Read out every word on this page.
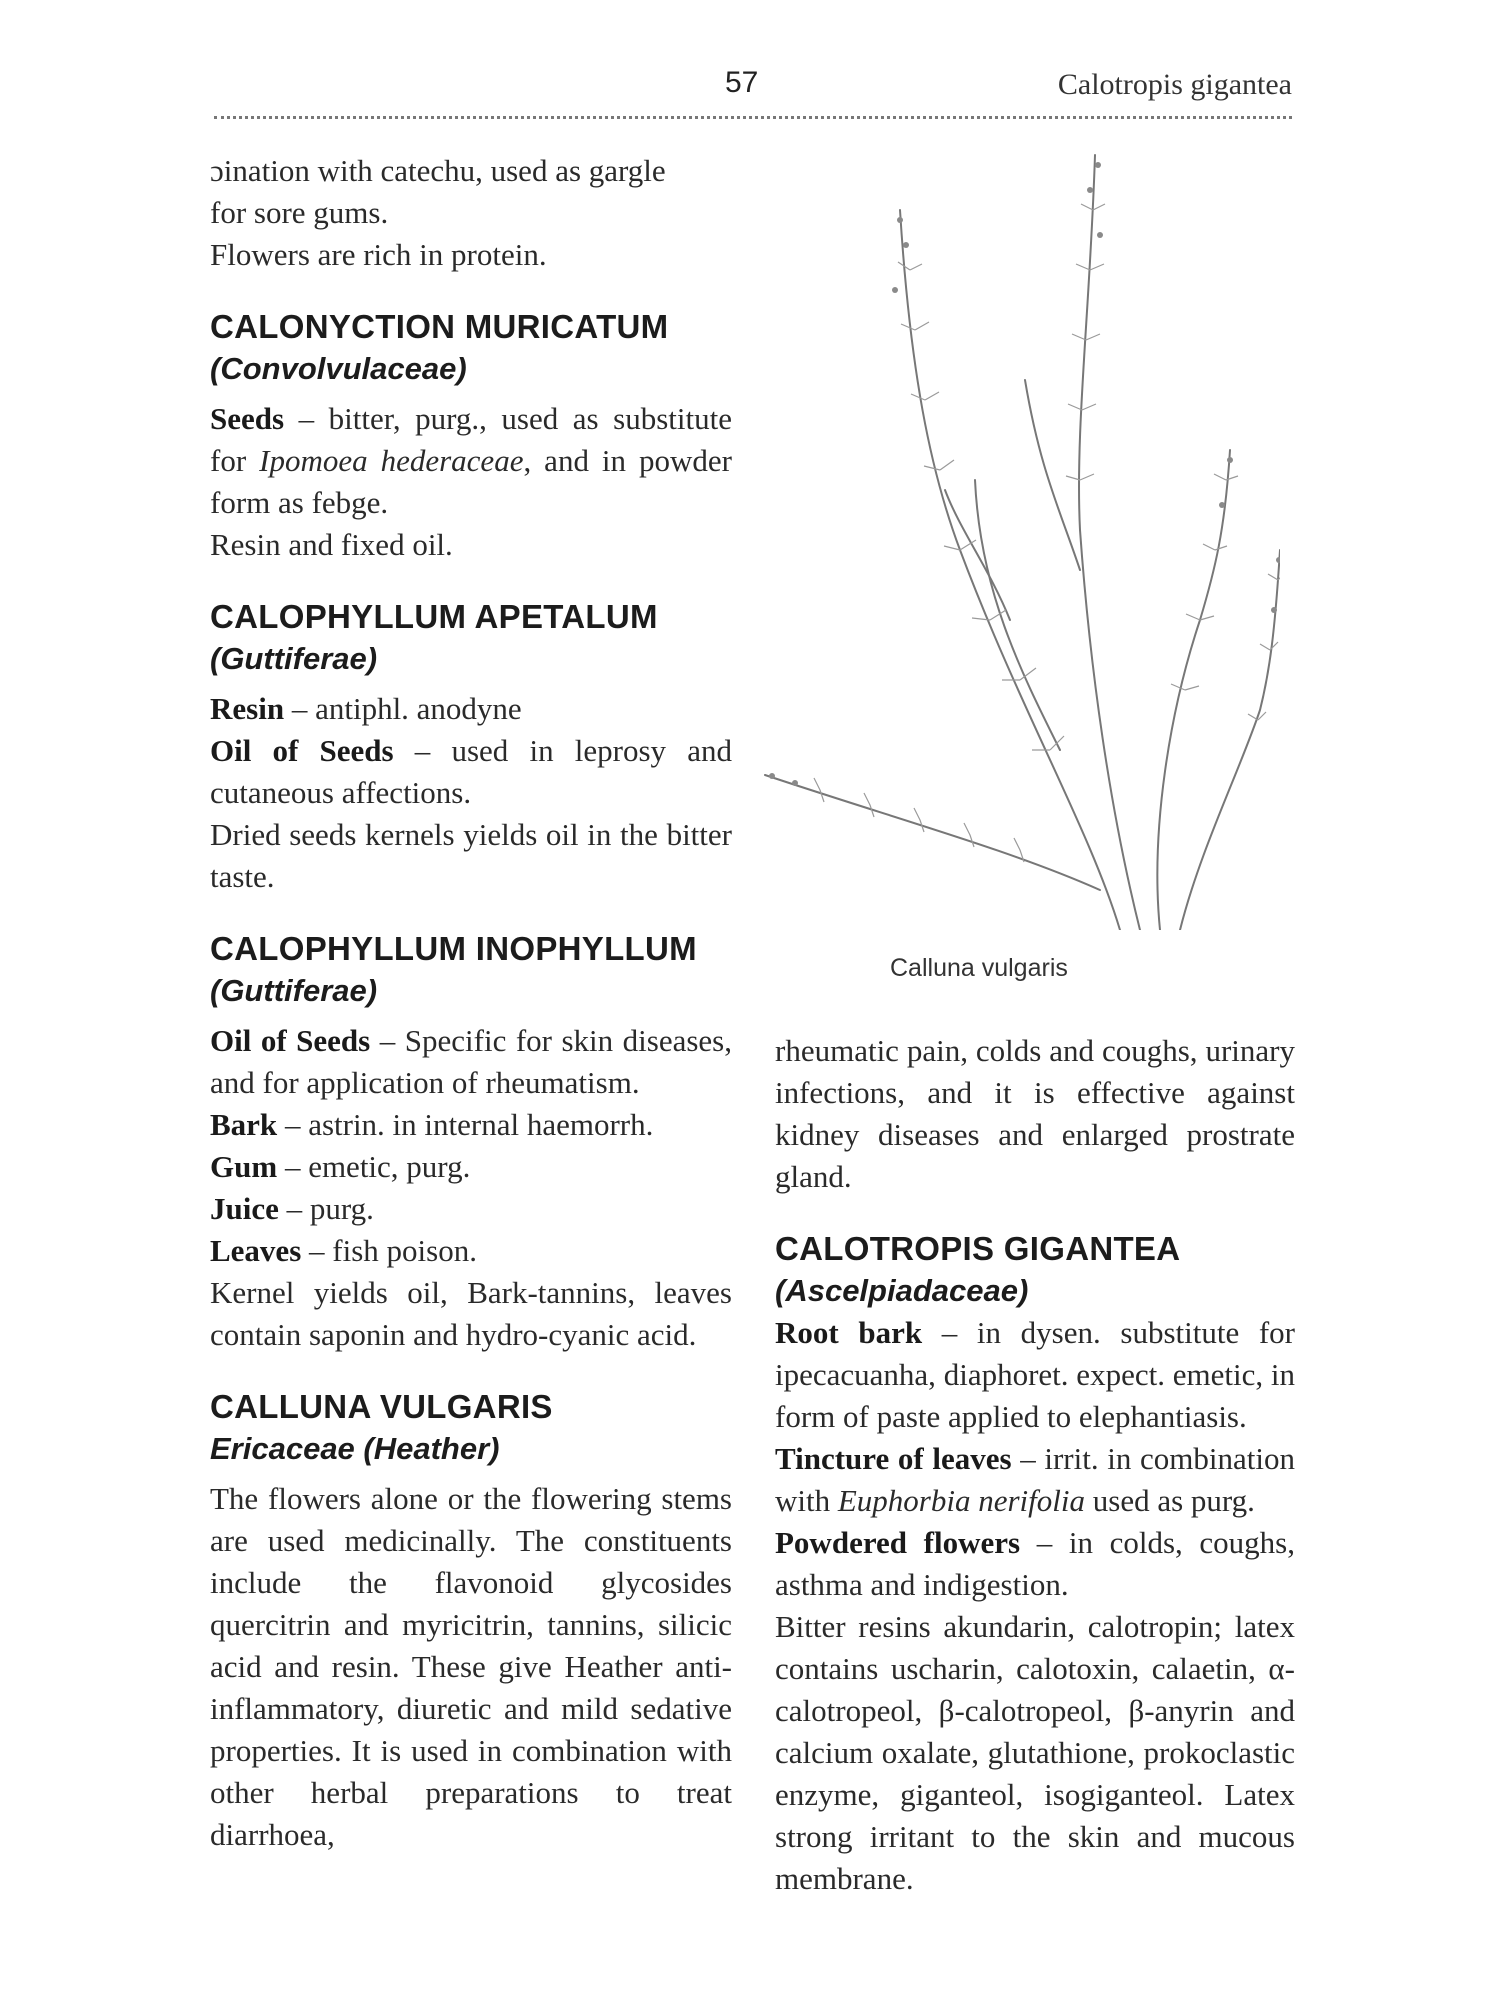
57	Calotropis gigantea

ɔination with catechu, used as gargle

for sore gums.

Flowers are rich in protein.

CALONYCTION MURICATUM
(Convolvulaceae)

Seeds – bitter, purg., used as substitute for Ipomoea hederaceae, and in powder form as febge.

Resin and fixed oil.

CALOPHYLLUM APETALUM
(Guttiferae)

Resin – antiphl. anodyne

Oil of Seeds – used in leprosy and cutaneous affections.

Dried seeds kernels yields oil in the bitter taste.

CALOPHYLLUM INOPHYLLUM
(Guttiferae)

Oil of Seeds – Specific for skin diseases, and for application of rheumatism.

Bark – astrin. in internal haemorrh.

Gum – emetic, purg.

Juice – purg.

Leaves – fish poison.

Kernel yields oil, Bark-tannins, leaves contain saponin and hydro-cyanic acid.

CALLUNA VULGARIS
Ericaceae (Heather)

The flowers alone or the flowering stems are used medicinally. The constituents include the flavonoid glycosides quercitrin and myricitrin, tannins, silicic acid and resin. These give Heather anti-inflammatory, diuretic and mild sedative properties. It is used in combination with other herbal preparations to treat diarrhoea,

Calluna vulgaris

rheumatic pain, colds and coughs, urinary infections, and it is effective against kidney diseases and enlarged prostrate gland.

CALOTROPIS GIGANTEA
(Ascelpiadaceae)

Root bark – in dysen. substitute for ipecacuanha, diaphoret. expect. emetic, in form of paste applied to elephantiasis.

Tincture of leaves – irrit. in combination with Euphorbia nerifolia used as purg.

Powdered flowers – in colds, coughs, asthma and indigestion.

Bitter resins akundarin, calotropin; latex contains uscharin, calotoxin, calaetin, α-calotropeol, β-calotropeol, β-anyrin and calcium oxalate, glutathione, prokoclastic enzyme, giganteol, isogiganteol. Latex strong irritant to the skin and mucous membrane.
